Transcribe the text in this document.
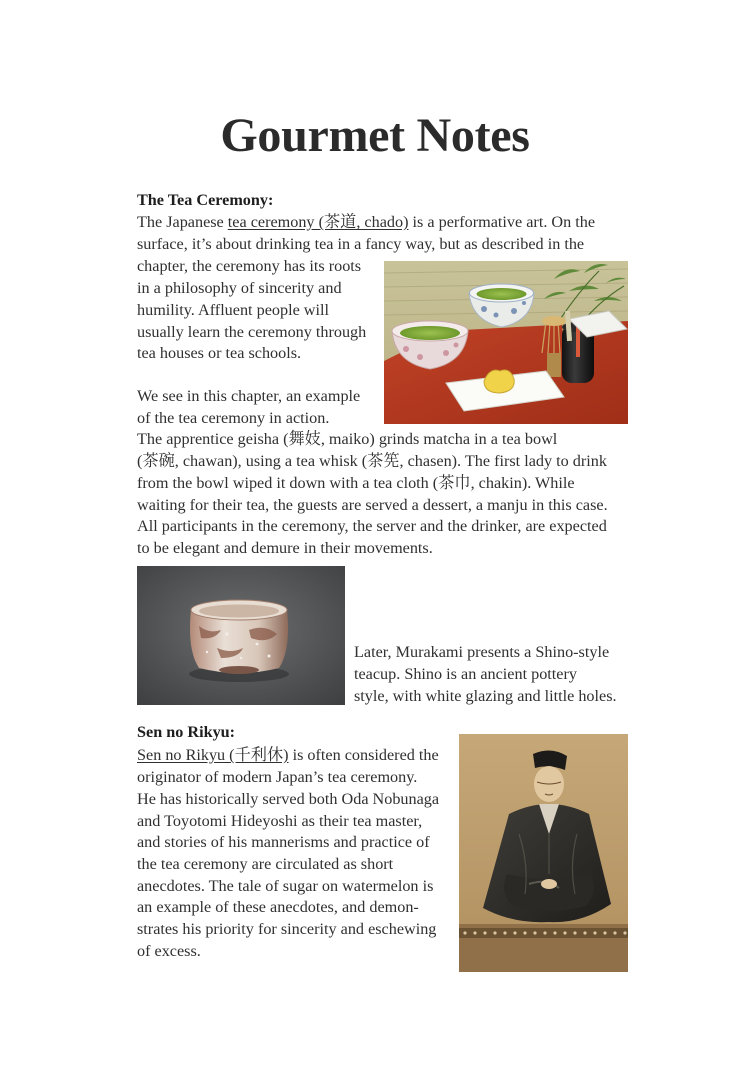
Gourmet Notes
The Tea Ceremony:
The Japanese tea ceremony (茶道, chado) is a performative art. On the
surface, it’s about drinking tea in a fancy way, but as described in the
chapter, the ceremony has its roots
in a philosophy of sincerity and
humility. Affluent people will
usually learn the ceremony through
tea houses or tea schools.
We see in this chapter, an example
of the tea ceremony in action.
The apprentice geisha (舞妓, maiko) grinds matcha in a tea bowl
(茶碗, chawan), using a tea whisk (茶筅, chasen). The first lady to drink
from the bowl wiped it down with a tea cloth (茶巾, chakin). While
waiting for their tea, the guests are served a dessert, a manju in this case.
All participants in the ceremony, the server and the drinker, are expected
to be elegant and demure in their movements.
Later, Murakami presents a Shino-style
teacup. Shino is an ancient pottery
style, with white glazing and little holes.
Sen no Rikyu:
Sen no Rikyu (千利休) is often considered the
originator of modern Japan’s tea ceremony.
He has historically served both Oda Nobunaga
and Toyotomi Hideyoshi as their tea master,
and stories of his mannerisms and practice of
the tea ceremony are circulated as short
anecdotes. The tale of sugar on watermelon is
an example of these anecdotes, and demon-
strates his priority for sincerity and eschewing
of excess.
